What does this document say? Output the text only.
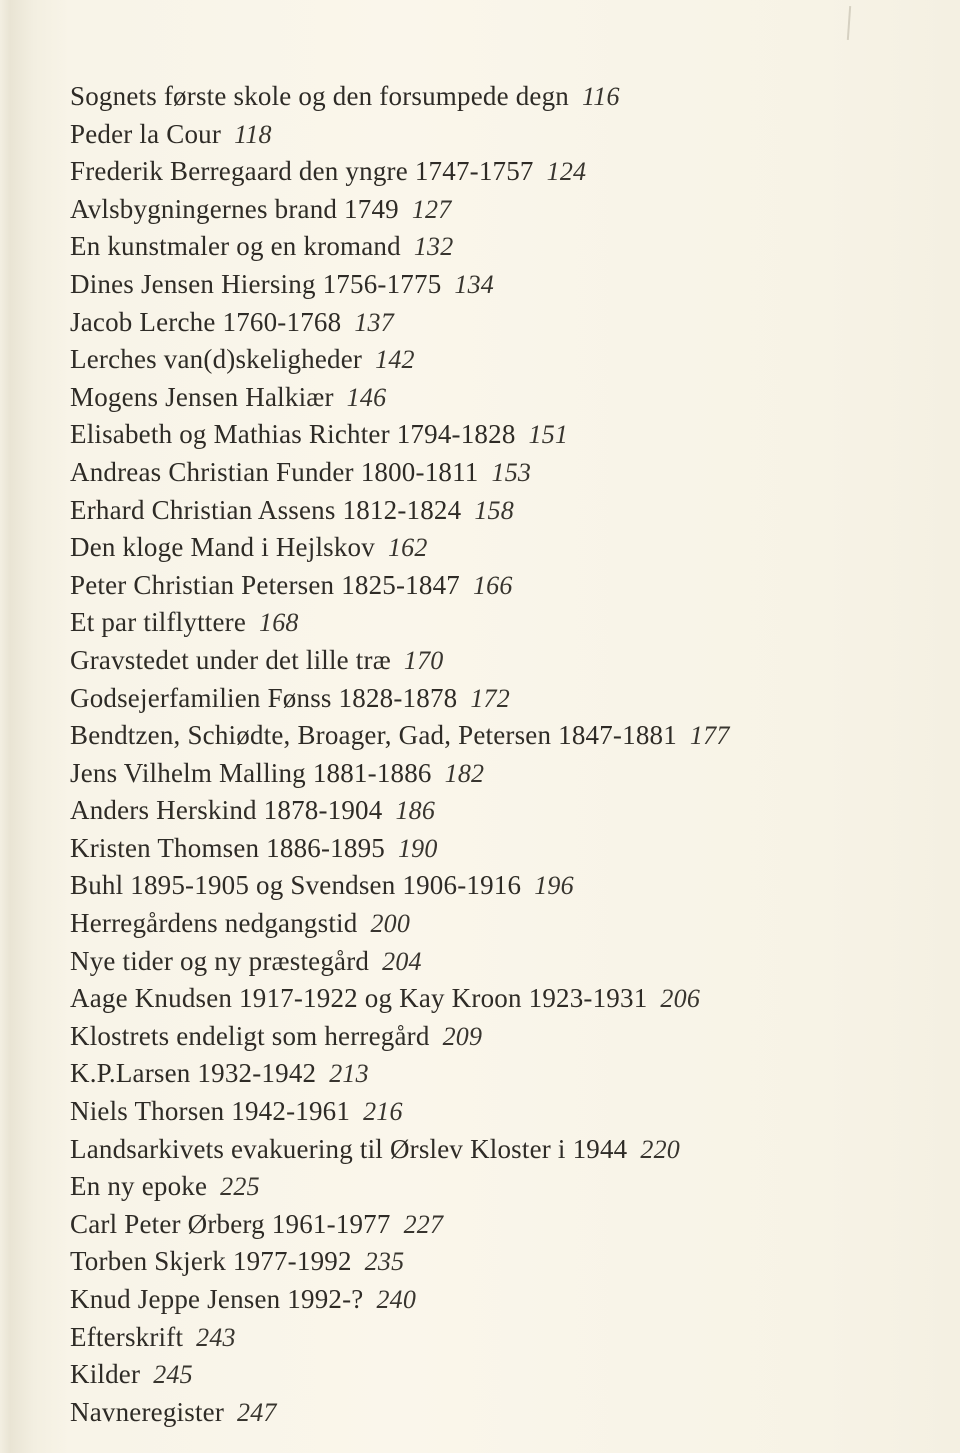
Sognets første skole og den forsumpede degn 116
Peder la Cour 118
Frederik Berregaard den yngre 1747-1757 124
Avlsbygningernes brand 1749 127
En kunstmaler og en kromand 132
Dines Jensen Hiersing 1756-1775 134
Jacob Lerche 1760-1768 137
Lerches van(d)skeligheder 142
Mogens Jensen Halkiær 146
Elisabeth og Mathias Richter 1794-1828 151
Andreas Christian Funder 1800-1811 153
Erhard Christian Assens 1812-1824 158
Den kloge Mand i Hejlskov 162
Peter Christian Petersen 1825-1847 166
Et par tilflyttere 168
Gravstedet under det lille træ 170
Godsejerfamilien Fønss 1828-1878 172
Bendtzen, Schiødte, Broager, Gad, Petersen 1847-1881 177
Jens Vilhelm Malling 1881-1886 182
Anders Herskind 1878-1904 186
Kristen Thomsen 1886-1895 190
Buhl 1895-1905 og Svendsen 1906-1916 196
Herregårdens nedgangstid 200
Nye tider og ny præstegård 204
Aage Knudsen 1917-1922 og Kay Kroon 1923-1931 206
Klostrets endeligt som herregård 209
K.P.Larsen 1932-1942 213
Niels Thorsen 1942-1961 216
Landsarkivets evakuering til Ørslev Kloster i 1944 220
En ny epoke 225
Carl Peter Ørberg 1961-1977 227
Torben Skjerk 1977-1992 235
Knud Jeppe Jensen 1992-? 240
Efterskrift 243
Kilder 245
Navneregister 247
